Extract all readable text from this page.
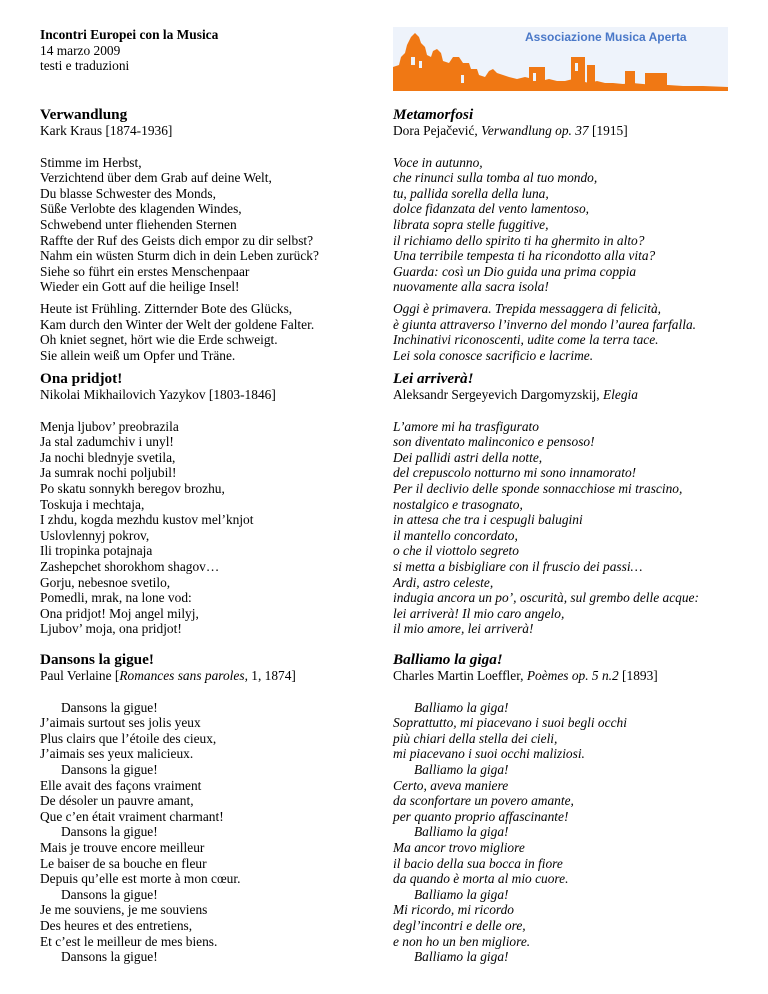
Incontri Europei con la Musica
14 marzo 2009
testi e traduzioni
Associazione Musica Aperta
Verwandlung
Kark Kraus [1874-1936]
Stimme im Herbst,
Verzichtend über dem Grab auf deine Welt,
Du blasse Schwester des Monds,
Süße Verlobte des klagenden Windes,
Schwebend unter fliehenden Sternen
Raffte der Ruf des Geists dich empor zu dir selbst?
Nahm ein wüsten Sturm dich in dein Leben zurück?
Siehe so führt ein erstes Menschenpaar
Wieder ein Gott auf die heilige Insel!
Heute ist Frühling. Zitternder Bote des Glücks,
Kam durch den Winter der Welt der goldene Falter.
Oh kniet segnet, hört wie die Erde schweigt.
Sie allein weiß um Opfer und Träne.
Metamorfosi
Dora Pejačević, Verwandlung op. 37 [1915]
Voce in autunno,
che rinunci sulla tomba al tuo mondo,
tu, pallida sorella della luna,
dolce fidanzata del vento lamentoso,
librata sopra stelle fuggitive,
il richiamo dello spirito ti ha ghermito in alto?
Una terribile tempesta ti ha ricondotto alla vita?
Guarda: così un Dio guida una prima coppia
nuovamente alla sacra isola!
Oggi è primavera. Trepida messaggera di felicità,
è giunta attraverso l’inverno del mondo l’aurea farfalla.
Inchinativi riconoscenti, udite come la terra tace.
Lei sola conosce sacrificio e lacrime.
Ona pridjot!
Nikolai Mikhailovich Yazykov [1803-1846]
Menja ljubov’ preobrazila
Ja stal zadumchiv i unyl!
Ja nochi blednyje svetila,
Ja sumrak nochi poljubil!
Po skatu sonnykh beregov brozhu,
Toskuja i mechtaja,
I zhdu, kogda mezhdu kustov mel’knjot
Uslovlennyj pokrov,
Ili tropinka potajnaja
Zashepchet shorokhom shagov…
Gorju, nebesnoe svetilo,
Pomedli, mrak, na lone vod:
Ona pridjot! Moj angel milyj,
Ljubov’ moja, ona pridjot!
Lei arriverà!
Aleksandr Sergeyevich Dargomyzskij, Elegia
L’amore mi ha trasfigurato
son diventato malinconico e pensoso!
Dei pallidi astri della notte,
del crepuscolo notturno mi sono innamorato!
Per il declivio delle sponde sonnacchiose mi trascino,
nostalgico e trasognato,
in attesa che tra i cespugli balugini
il mantello concordato,
o che il viottolo segreto
si metta a bisbigliare con il fruscio dei passi…
Ardi, astro celeste,
indugia ancora un po’, oscurità, sul grembo delle acque:
lei arriverà! Il mio caro angelo,
il mio amore, lei arriverà!
Dansons la gigue!
Paul Verlaine [Romances sans paroles, 1, 1874]
Dansons la gigue!
J’aimais surtout ses jolis yeux
Plus clairs que l’étoile des cieux,
J’aimais ses yeux malicieux.
Dansons la gigue!
Elle avait des façons vraiment
De désoler un pauvre amant,
Que c’en était vraiment charmant!
Dansons la gigue!
Mais je trouve encore meilleur
Le baiser de sa bouche en fleur
Depuis qu’elle est morte à mon cœur.
Dansons la gigue!
Je me souviens, je me souviens
Des heures et des entretiens,
Et c’est le meilleur de mes biens.
Dansons la gigue!
Balliamo la giga!
Charles Martin Loeffler, Poèmes op. 5 n.2 [1893]
Balliamo la giga!
Soprattutto, mi piacevano i suoi begli occhi
più chiari della stella dei cieli,
mi piacevano i suoi occhi maliziosi.
Balliamo la giga!
Certo, aveva maniere
da sconfortare un povero amante,
per quanto proprio affascinante!
Balliamo la giga!
Ma ancor trovo migliore
il bacio della sua bocca in fiore
da quando è morta al mio cuore.
Balliamo la giga!
Mi ricordo, mi ricordo
degl’incontri e delle ore,
e non ho un ben migliore.
Balliamo la giga!
